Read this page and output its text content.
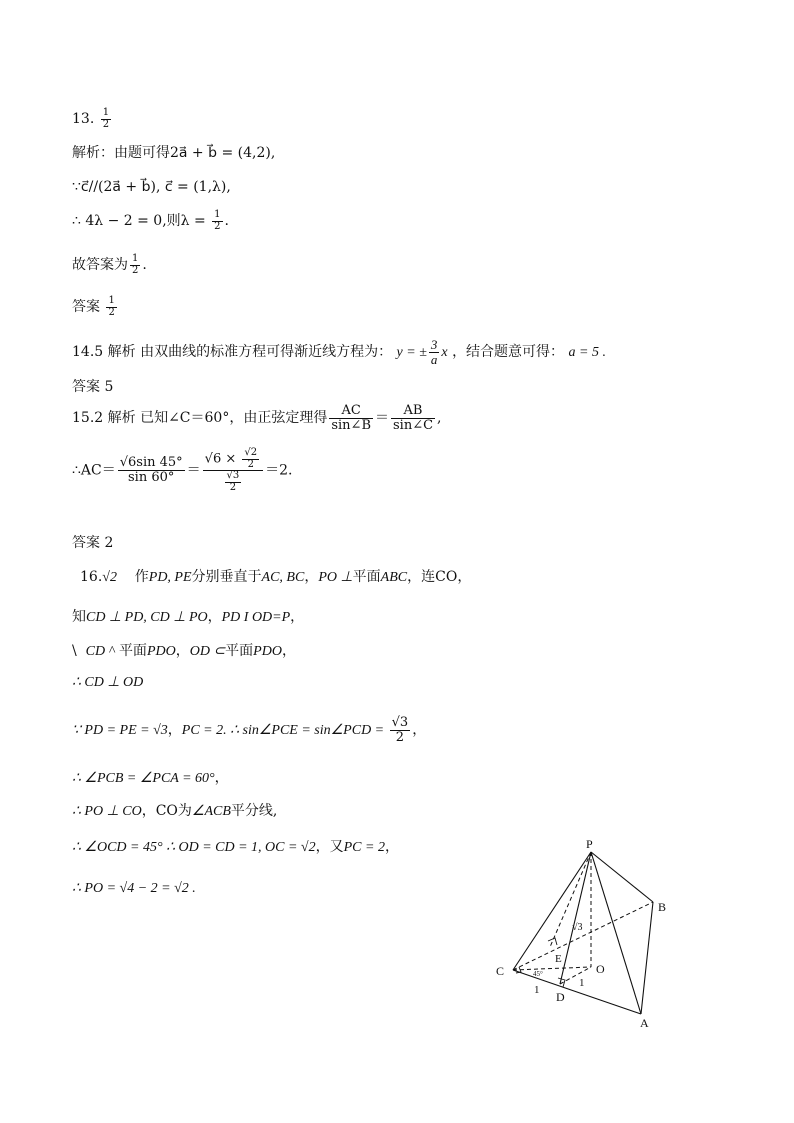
13. $\frac{1}{2}$
解析：由题可得2a⃗ + b⃗ = (4,2),
∵c⃗//(2a⃗ + b⃗), c⃗ = (1,λ),
∴ 4λ − 2 = 0,则$\lambda = \frac{1}{2}$ .
故答案为 $\frac{1}{2}$ .
答案 $\frac{1}{2}$
14.5 解析 由双曲线的标准方程可得渐近线方程为： y = ± $\frac{3}{a}$ x ，结合题意可得： a = 5 .
答案 5
15.2 解析 已知∠C＝60°，由正弦定理得 $\frac{AC}{\sin\angle B} = \frac{AB}{\sin\angle C}$ ,
∴AC＝ $\frac{√6\sin 45^\circ}{\sin 60^\circ} = \frac{√6 \times \frac{√2}{2}}{\frac{√3}{2}} =2$.
答案 2
16.√2 作PD, PE分别垂直于AC, BC，PO ⊥平面ABC，连CO，
知CD ⊥ PD, CD ⊥ PO，PD Ι OD=P，
\ CD ^ 平面PDO，OD ⊂平面PDO，
∴ CD ⊥ OD
∵ PD = PE = √3，PC = 2. ∴ sin∠PCE = sin∠PCD = $\frac{√3}{2}$ ，
∴ ∠PCB = ∠PCA = 60°，
∴ PO ⊥ CO，CO为∠ACB平分线,
∴ ∠OCD = 45° ∴ OD = CD = 1, OC = √2，又PC = 2，
∴ PO = √4 − 2 = √2 .
P
B
C
A
D
O
E
√3
45°
1
1
